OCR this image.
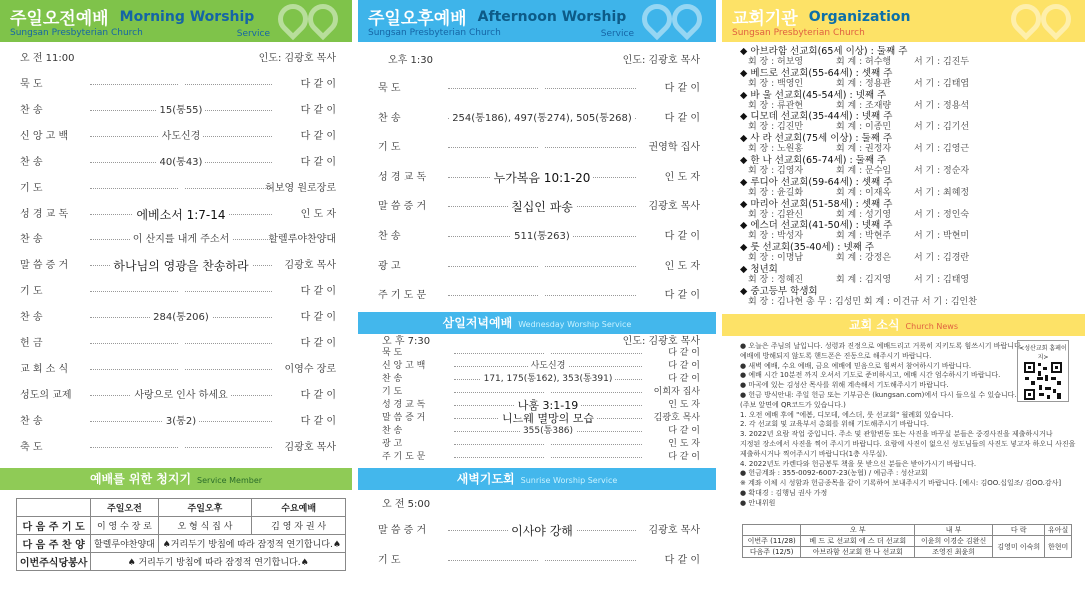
주일오전예배 Morning Worship
Sungsan Presbyterian Church	Service
오 전 11:00	인도: 김광호 목사
묵 도	다 같 이
찬 송	15(통55)	다 같 이
신 앙 고 백	사도신경	다 같 이
찬 송	40(통43)	다 같 이
기 도	허보영 원로장로
성 경 교 독	에베소서 1:7-14	인 도 자
찬 송	이 산지를 내게 주소서	할렐루야찬양대
말 씀 증 거	하나님의 영광을 찬송하라	김광호 목사
기 도	다 같 이
찬 송	284(통206)	다 같 이
헌 금	다 같 이
교 회 소 식	이영수 장로
성도의 교제	사랑으로 인사 하세요	다 같 이
찬 송	3(통2)	다 같 이
축 도	김광호 목사
예배를 위한 청지기 Service Member
	주일오전	주일오후	수요예배
다 음 주 기 도	이 영 수 장 로	오 형 식 집 사	김 영 자 권 사
다 음 주 찬 양	할렐루야찬양대	♠거리두기 방침에 따라 잠정적 연기합니다.♠	
이번주식당봉사	♠ 거리두기 방침에 따라 잠정적 연기합니다.♠		
주일오후예배 Afternoon Worship
Sungsan Presbyterian Church	Service
오후 1:30	인도: 김광호 목사
묵 도	다 같 이
찬 송	254(통186), 497(통274), 505(통268)	다 같 이
기 도	권영학 집사
성 경 교 독	누가복음 10:1-20	인 도 자
말 씀 증 거	칠십인 파송	김광호 목사
찬 송	511(통263)	다 같 이
광 고	인 도 자
주 기 도 문	다 같 이
삼일저녁예배 Wednesday Worship Service
오 후 7:30	인도: 김광호 목사
묵 도	다 같 이
신 앙 고 백	사도신경	다 같 이
찬 송	171, 175(통162), 353(통391)	다 같 이
기 도	이희자 집사
성 경 교 독	나훔 3:1-19	인 도 자
말 씀 증 거	니느웨 멸망의 모습	김광호 목사
찬 송	355(통386)	다 같 이
광 고	인 도 자
주 기 도 문	다 같 이
새벽기도회 Sunrise Worship Service
오 전 5:00
말 씀 증 거	이사야 강해	김광호 목사
기 도	다 같 이
교회기관 Organization
Sungsan Presbyterian Church
◆ 아브라함 선교회(65세 이상) : 둘째 주
회 장 : 허보영	회 계 : 허수행	서 기 : 김진두
◆ 베드로 선교회(55-64세) : 셋째 주
회 장 : 백영인	회 계 : 정용관	서 기 : 김태엽
◆ 바 울 선교회(45-54세) : 넷째 주
회 장 : 류관현	회 계 : 조재량	서 기 : 정용석
◆ 디모데 선교회(35-44세) : 넷째 주
회 장 : 김진만	회 계 : 이종민	서 기 : 김기선
◆ 사 라 선교회(75세 이상) : 둘째 주
회 장 : 노원홍	회 계 : 권정자	서 기 : 김영근
◆ 한 나 선교회(65-74세) : 둘째 주
회 장 : 김영자	회 계 : 문수임	서 기 : 정순자
◆ 루디아 선교회(59-64세) : 셋째 주
회 장 : 윤길화	회 계 : 이재옥	서 기 : 최혜정
◆ 마리아 선교회(51-58세) : 셋째 주
회 장 : 김완신	회 계 : 성기영	서 기 : 정인숙
◆ 에스더 선교회(41-50세) : 넷째 주
회 장 : 박성자	회 계 : 박현주	서 기 : 박현미
◆ 룻 선교회(35-40세) : 넷째 주
회 장 : 이명남	회 계 : 강정은	서 기 : 김경란
◆ 청년회
회 장 : 정혜진	회 계 : 김지영	서 기 : 김태영
◆ 중고등부 학생회
회 장 : 김나현 총 무 : 김성민 회 계 : 이건규 서 기 : 김인찬
교회 소식 Church News
● 오늘은 주님의 날입니다. 성령과 진정으로 예배드리고 거룩히 지키도록 힘쓰시기 바랍니다.
예배에 방해되지 않도록 핸드폰은 진동으로 해주시기 바랍니다.
● 새벽 예배, 수요 예배, 금요 예배에 믿음으로 힘써서 참여하시기 바랍니다.
● 예배 시간 10분전 까지 오셔서 기도로 준비하시고, 예배 시간 엄수하시기 바랍니다.
● 마곡에 있는 김성산 목사를 위해 계속해서 기도해주시기 바랍니다.
● 헌금 방식안내: 주일 헌금 또는 기부금은 (kungsan.com)에서 다시 들으실 수 있습니다.
(주보 앞면에 QR코드가 있습니다.)
1. 오전 예배 후에 "에봄, 디모데, 에스더, 룻 선교회" 월례회 있습니다.
2. 각 선교회 및 교육부서 총회를 위해 기도해주시기 바랍니다.
3. 2022년 요람 작업 중입니다. 주소 및 관할변동 또는 사진을 바꾸실 분들은 중경사진을 제출하시거나
지정된 장소에서 사진을 찍어 주시기 바랍니다. 요람에 사진이 없으신 성도님들의 사진도 넣고자 하오니 사진을
제출하시거나 찍어주시기 바랍니다(1층 사무실).
4. 2022년도 카렌다와 헌금봉투 책을 못 받으신 분들은 받아가시기 바랍니다.
● 헌금계좌 : 355-0092-6007-23(농협) / 예금주 : 성산교회
※ 계좌 이체 시 성함과 헌금종목을 같이 기록하여 보내주시기 바랍니다. [예시: 김OO.십일조/ 김OO.감사]
● 확대경 : 김행님 권사 가정
● 안내위원
<성산교회 홈페이지>
	오 부	내 부	다 락	유아실
이번주 (11/28)	베 드 로 선교회 에 스 더 선교회	이윤희 이경순 김완신	김영미 이숙희	한현미
다음주 (12/5)	아브라함 선교회 한 나 선교회	조영진 최윤희		
